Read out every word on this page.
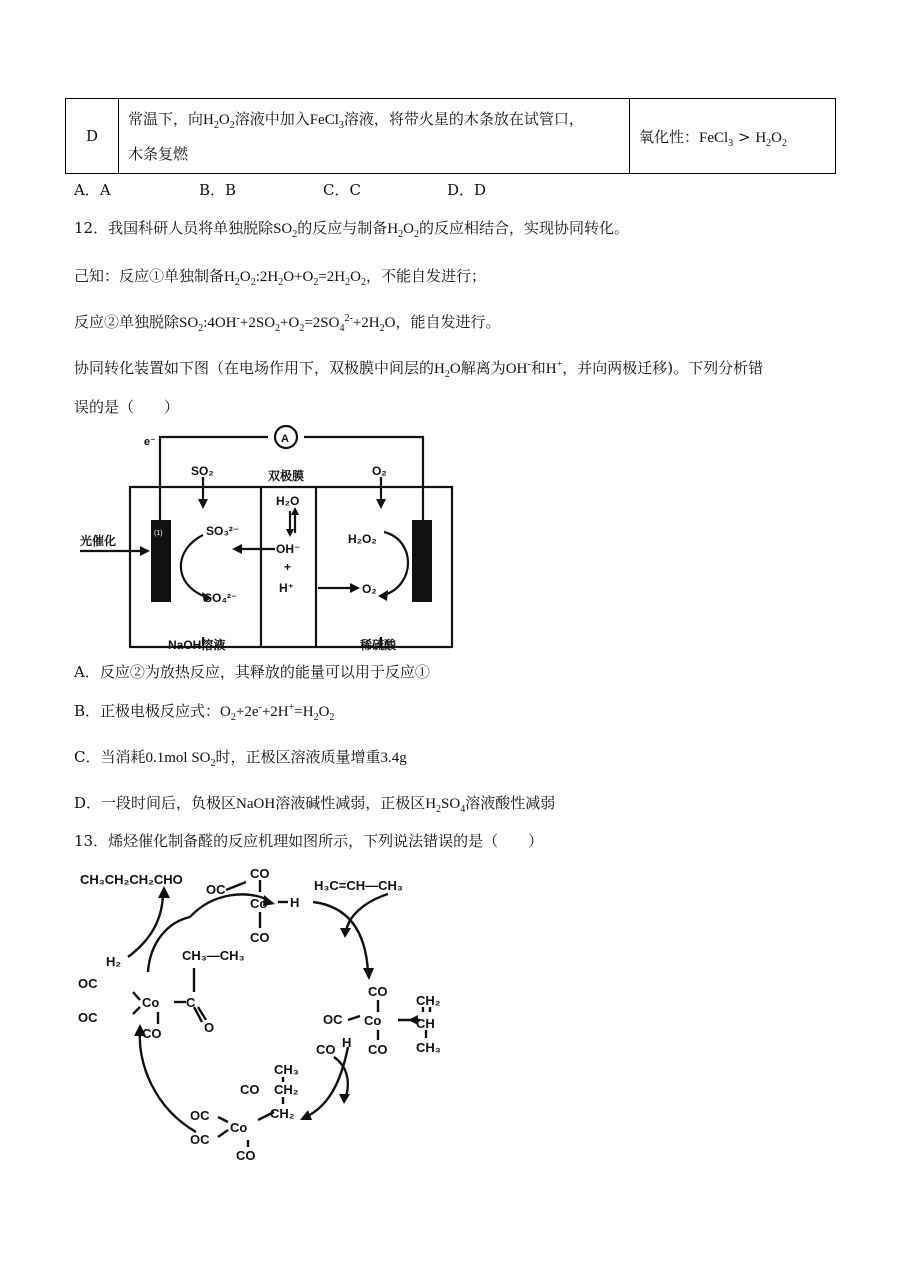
D	常温下，向$H_2O_2$溶液中加入FeCl$_3$溶液，将带火星的木条放在试管口，
木条复燃	氧化性：FeCl$_3$ > $H_2O_2$
A．A	B．B	C．C	D．D
12．我国科研人员将单独脱除$SO_2$的反应与制备$H_2O_2$的反应相结合，实现协同转化。
己知：反应①单独制备$H_2O_2:2H_2O+O_2=2H_2O_2$，不能自发进行；
反应②单独脱除$SO_2:4OH^-+2SO_2+O_2=2SO_4^{2-}+2H_2O$，能自发进行。
协同转化装置如下图（在电场作用下，双极膜中间层的$H_2O$解离为OH-和H+，并向两极迁移)。下列分析错
误的是（　　）
A
e⁻
SO₂	双极膜	O₂
光催化
SO₃²⁻
SO₄²⁻
H₂O
OH⁻
+
H⁺
H₂O₂
O₂
NaOH溶液	稀硫酸
(1)
A．反应②为放热反应，其释放的能量可以用于反应①
B．正极电极反应式：$O_2+2e^-+2H^+=H_2O_2$
C．当消耗0.1mol $SO_2$时，正极区溶液质量增重3.4g
D．一段时间后，负极区NaOH溶液碱性减弱，正极区$H_2SO_4$溶液酸性减弱
13．烯烃催化制备醛的反应机理如图所示，下列说法错误的是（　　）
CH₃CH₂CH₂CHO
OC
CO
Co H
CO
H₃C=CH—CH₃
H₂	CH₃—CH₃
OC
OC
Co C
O
CO
OC
CO
Co
H CO
CH₂
CH
CH₃
CO
OC
OC
CO
Co
CO
CH₃
CH₂
CH₂
